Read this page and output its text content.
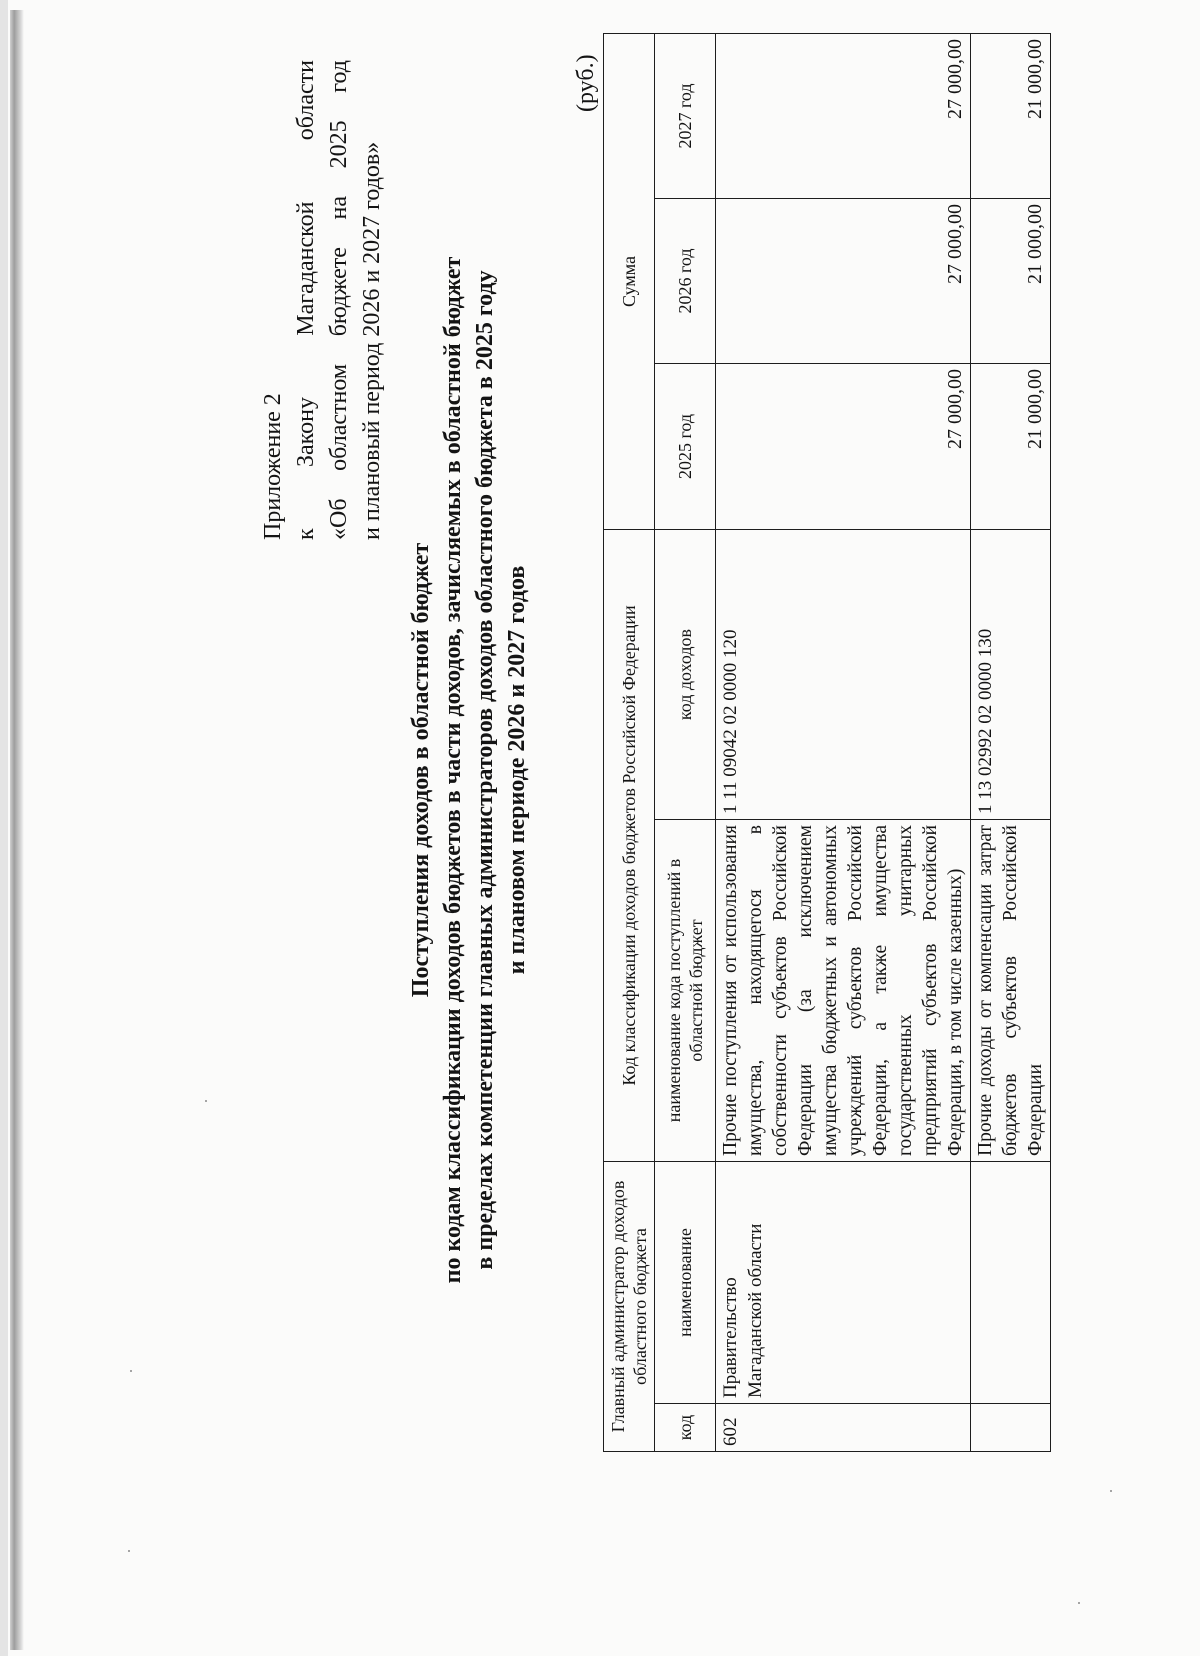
Приложение 2 к Закону Магаданской области «Об областном бюджете на 2025 год и плановый период 2026 и 2027 годов»
Поступления доходов в областной бюджет по кодам классификации доходов бюджетов в части доходов, зачисляемых в областной бюджет в пределах компетенции главных администраторов доходов областного бюджета в 2025 году и плановом периоде 2026 и 2027 годов
(руб.)
Главный администратор доходов областного бюджета		Код классификации доходов бюджетов Российской Федерации		Сумма		

код	наименование	наименование кода поступлений в областной бюджет	код доходов	2025 год	2026 год	2027 год
602	Правительство Магаданской области	Прочие поступления от использования имущества, находящегося в собственности субъектов Российской Федерации (за исключением имущества бюджетных и автономных учреждений субъектов Российской Федерации, а также имущества государственных унитарных предприятий субъектов Российской Федерации, в том числе казенных)	1 11 09042 02 0000 120	27 000,00	27 000,00	27 000,00
		Прочие доходы от компенсации затрат бюджетов субъектов Российской Федерации	1 13 02992 02 0000 130	21 000,00	21 000,00	21 000,00
